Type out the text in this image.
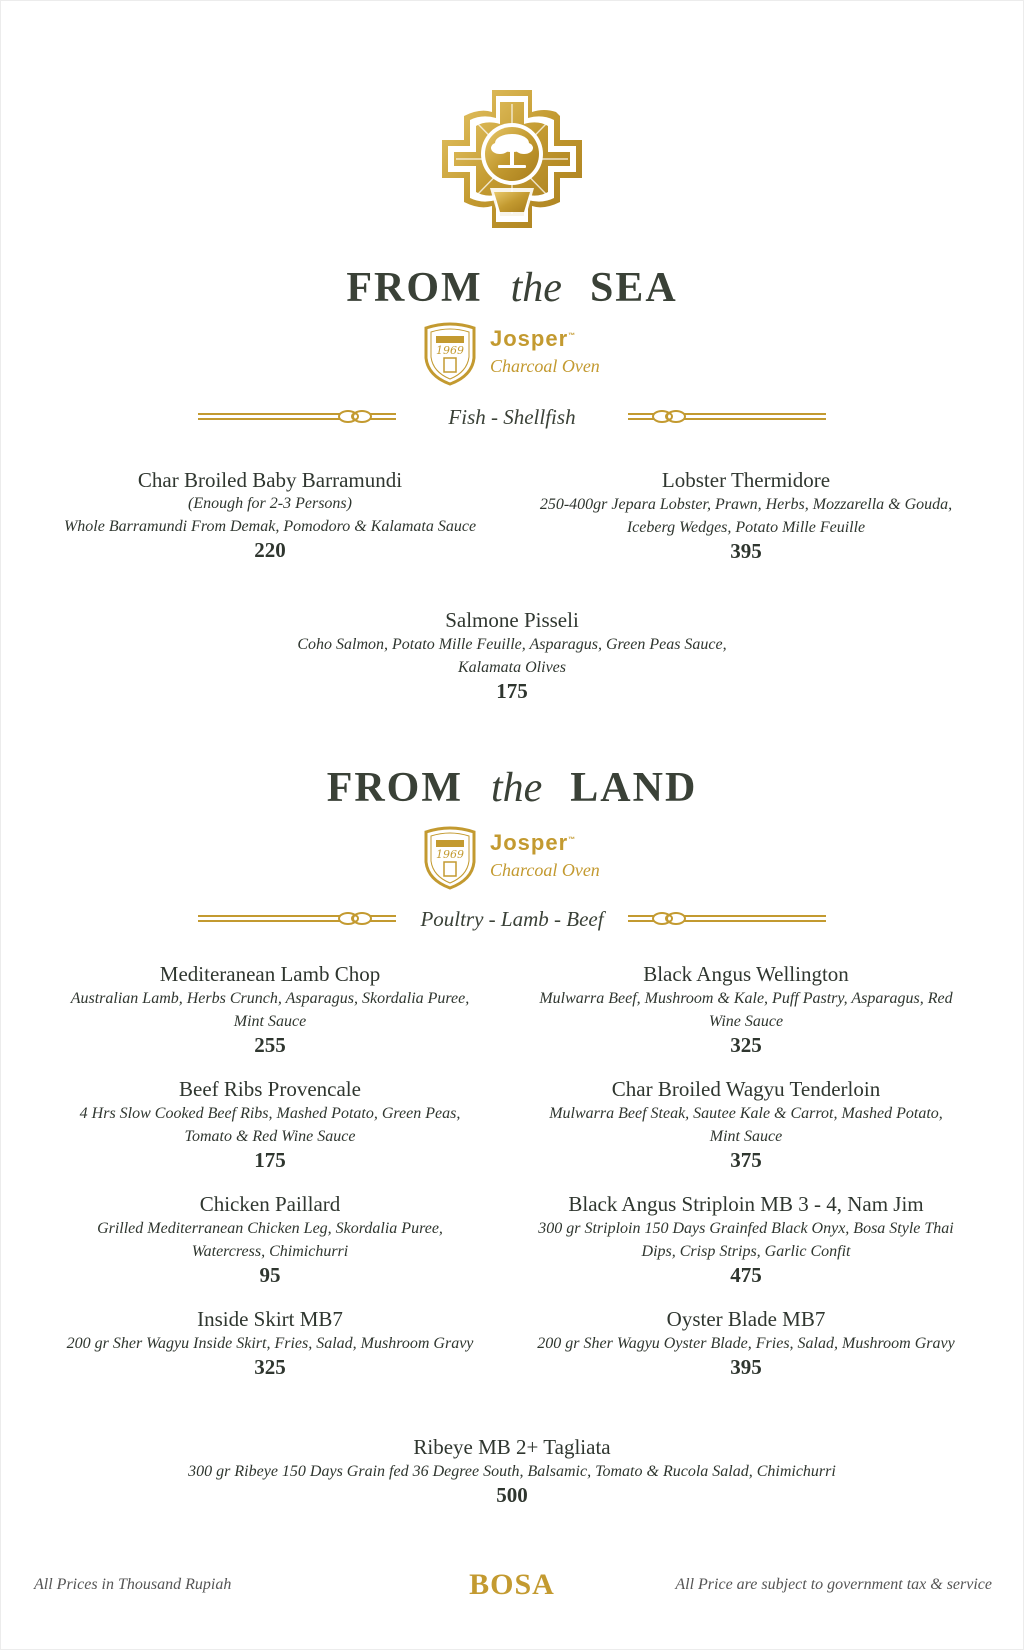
FROM the SEA
1969 Josper™
Charcoal Oven
Fish - Shellfish
Char Broiled Baby Barramundi
(Enough for 2-3 Persons)
Whole Barramundi From Demak, Pomodoro & Kalamata Sauce
220
Lobster Thermidore
250-400gr Jepara Lobster, Prawn, Herbs, Mozzarella & Gouda, Iceberg Wedges, Potato Mille Feuille
395
Salmone Pisseli
Coho Salmon, Potato Mille Feuille, Asparagus, Green Peas Sauce, Kalamata Olives
175
FROM the LAND
1969 Josper™
Charcoal Oven
Poultry - Lamb - Beef
Mediteranean Lamb Chop
Australian Lamb, Herbs Crunch, Asparagus, Skordalia Puree, Mint Sauce
255
Black Angus Wellington
Mulwarra Beef, Mushroom & Kale, Puff Pastry, Asparagus, Red Wine Sauce
325
Beef Ribs Provencale
4 Hrs Slow Cooked Beef Ribs, Mashed Potato, Green Peas, Tomato & Red Wine Sauce
175
Char Broiled Wagyu Tenderloin
Mulwarra Beef Steak, Sautee Kale & Carrot, Mashed Potato, Mint Sauce
375
Chicken Paillard
Grilled Mediterranean Chicken Leg, Skordalia Puree, Watercress, Chimichurri
95
Black Angus Striploin MB 3 - 4, Nam Jim
300 gr Striploin 150 Days Grainfed Black Onyx, Bosa Style Thai Dips, Crisp Strips, Garlic Confit
475
Inside Skirt MB7
200 gr Sher Wagyu Inside Skirt, Fries, Salad, Mushroom Gravy
325
Oyster Blade MB7
200 gr Sher Wagyu Oyster Blade, Fries, Salad, Mushroom Gravy
395
Ribeye MB 2+ Tagliata
300 gr Ribeye 150 Days Grain fed 36 Degree South, Balsamic, Tomato & Rucola Salad, Chimichurri
500
All Prices in Thousand Rupiah	BOSA	All Price are subject to government tax & service
